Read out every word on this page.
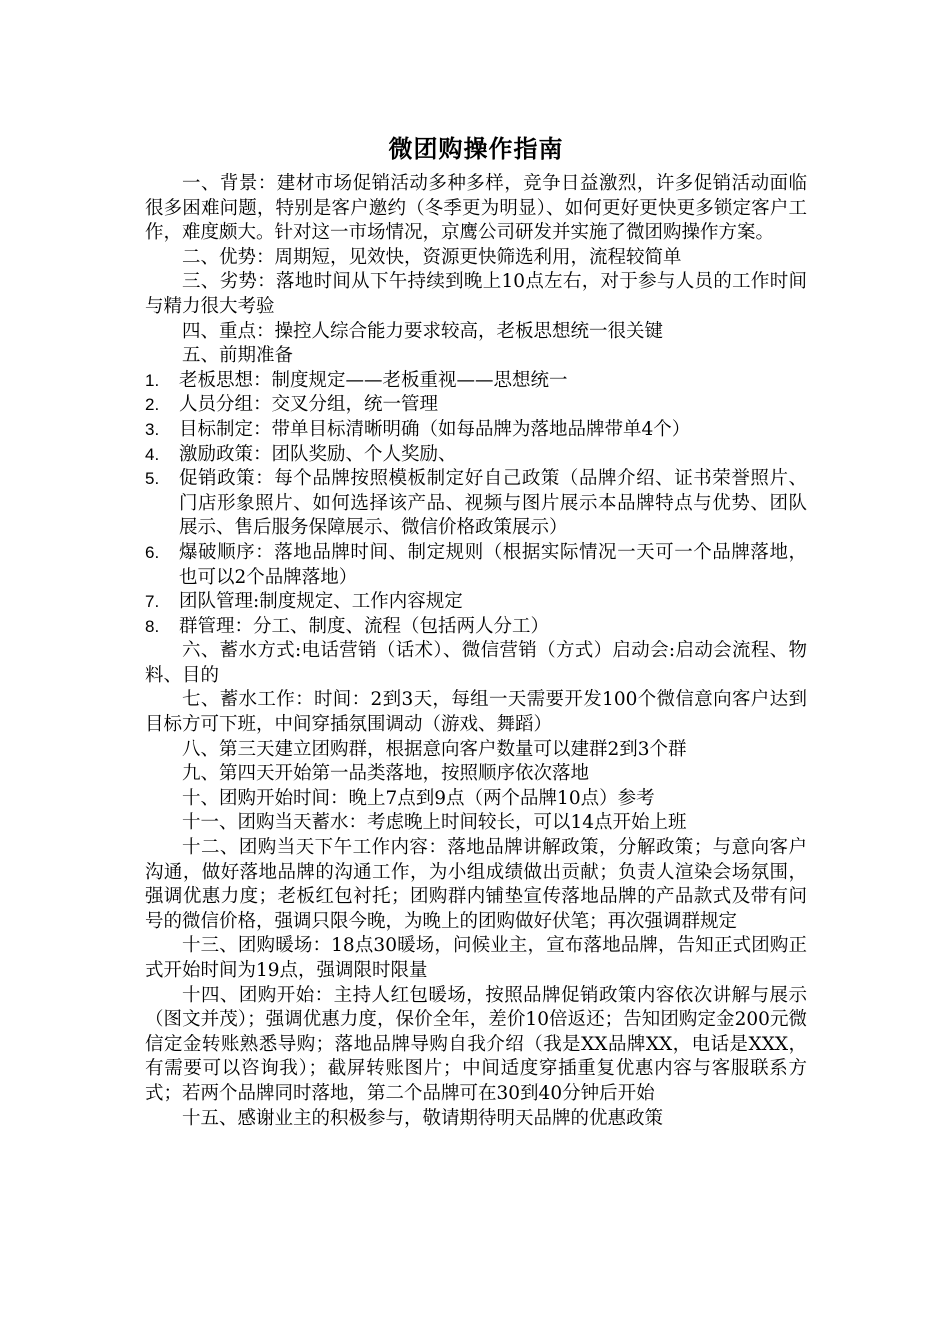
微团购操作指南

一、背景：建材市场促销活动多种多样，竞争日益激烈，许多促销活动面临很多困难问题，特别是客户邀约（冬季更为明显）、如何更好更快更多锁定客户工作，难度颇大。针对这一市场情况，京鹰公司研发并实施了微团购操作方案。

二、优势：周期短，见效快，资源更快筛选利用，流程较简单

三、劣势：落地时间从下午持续到晚上10点左右，对于参与人员的工作时间与精力很大考验

四、重点：操控人综合能力要求较高，老板思想统一很关键

五、前期准备

1. 老板思想：制度规定——老板重视——思想统一
2. 人员分组：交叉分组，统一管理
3. 目标制定：带单目标清晰明确（如每品牌为落地品牌带单4个）
4. 激励政策：团队奖励、个人奖励、
5. 促销政策：每个品牌按照模板制定好自己政策（品牌介绍、证书荣誉照片、门店形象照片、如何选择该产品、视频与图片展示本品牌特点与优势、团队展示、售后服务保障展示、微信价格政策展示）
6. 爆破顺序：落地品牌时间、制定规则（根据实际情况一天可一个品牌落地，也可以2个品牌落地）
7. 团队管理:制度规定、工作内容规定
8. 群管理：分工、制度、流程（包括两人分工）

六、蓄水方式:电话营销（话术）、微信营销（方式）启动会:启动会流程、物料、目的

七、蓄水工作：时间：2到3天，每组一天需要开发100个微信意向客户达到目标方可下班，中间穿插氛围调动（游戏、舞蹈）

八、第三天建立团购群，根据意向客户数量可以建群2到3个群

九、第四天开始第一品类落地，按照顺序依次落地

十、团购开始时间：晚上7点到9点（两个品牌10点）参考

十一、团购当天蓄水：考虑晚上时间较长，可以14点开始上班

十二、团购当天下午工作内容：落地品牌讲解政策，分解政策；与意向客户沟通，做好落地品牌的沟通工作，为小组成绩做出贡献；负责人渲染会场氛围，强调优惠力度；老板红包衬托；团购群内铺垫宣传落地品牌的产品款式及带有问号的微信价格，强调只限今晚，为晚上的团购做好伏笔；再次强调群规定

十三、团购暖场：18点30暖场，问候业主，宣布落地品牌，告知正式团购正式开始时间为19点，强调限时限量

十四、团购开始：主持人红包暖场，按照品牌促销政策内容依次讲解与展示（图文并茂）；强调优惠力度，保价全年，差价10倍返还；告知团购定金200元微信定金转账熟悉导购；落地品牌导购自我介绍（我是XX品牌XX，电话是XXX，有需要可以咨询我）；截屏转账图片；中间适度穿插重复优惠内容与客服联系方式；若两个品牌同时落地，第二个品牌可在30到40分钟后开始

十五、感谢业主的积极参与，敬请期待明天品牌的优惠政策
